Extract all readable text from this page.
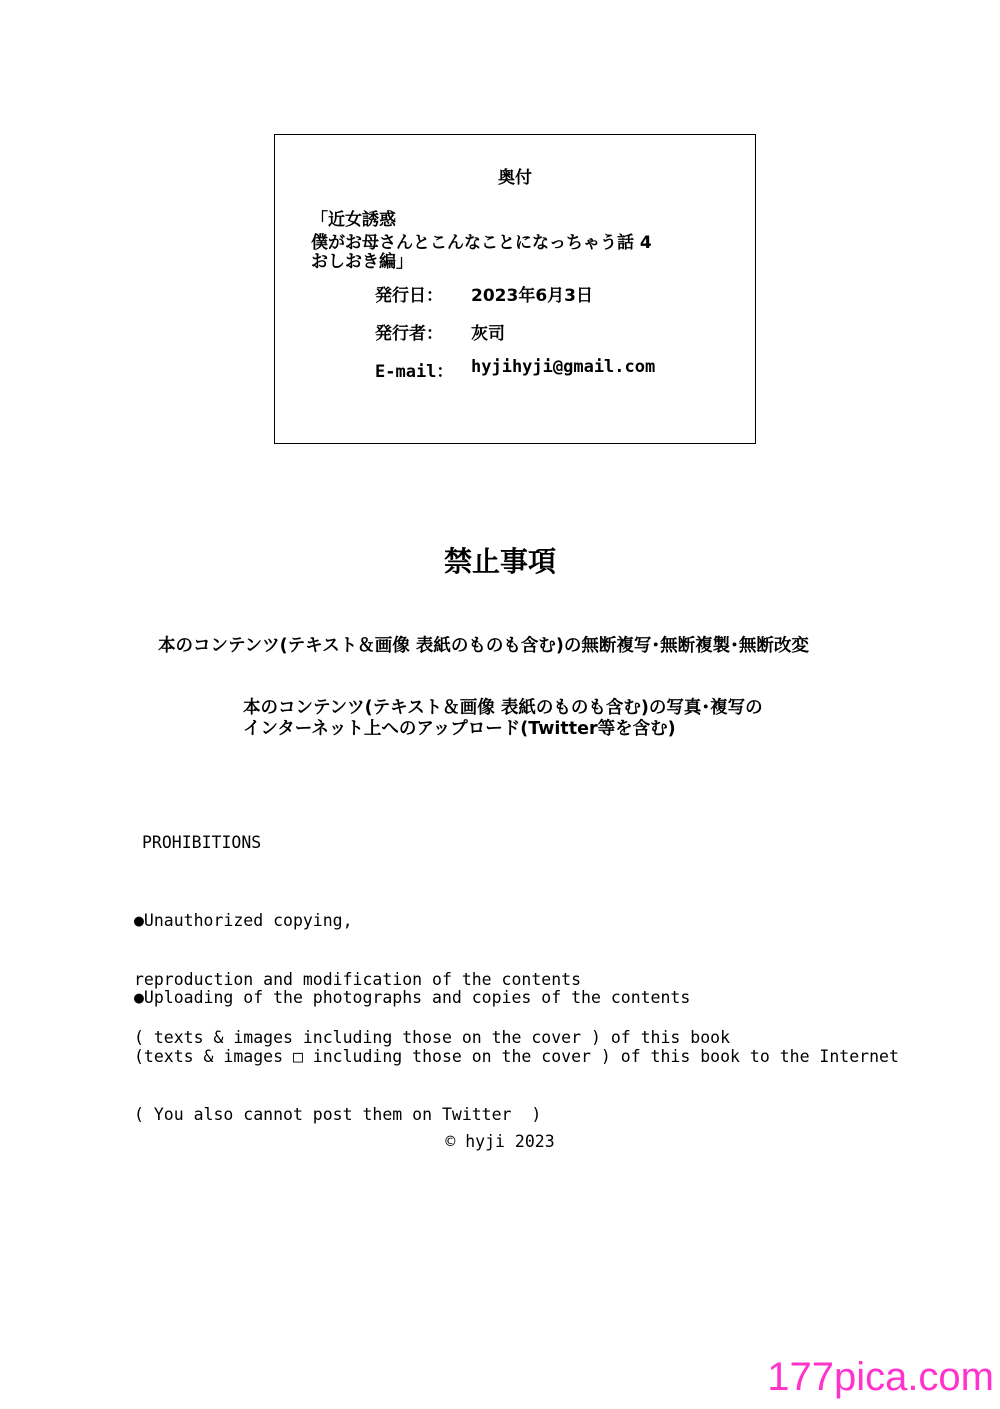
奥付
「近女誘惑
僕がお母さんとこんなことになっちゃう話 4
おしおき編」
発行日： 2023年6月3日
発行者： 灰司
E-mail： hyjihyji@gmail.com
禁止事項
本のコンテンツ(テキスト＆画像 表紙のものも含む)の無断複写･無断複製･無断改変
本のコンテンツ(テキスト＆画像 表紙のものも含む)の写真･複写の
インターネット上へのアップロード(Twitter等を含む)
PROHIBITIONS

●Unauthorized copying,

reproduction and modification of the contents

( texts & images including those on the cover ) of this book

●Uploading of the photographs and copies of the contents

(texts & images □ including those on the cover ) of this book to the Internet

( You also cannot post them on Twitter  )

© hyji 2023
177pica.com
